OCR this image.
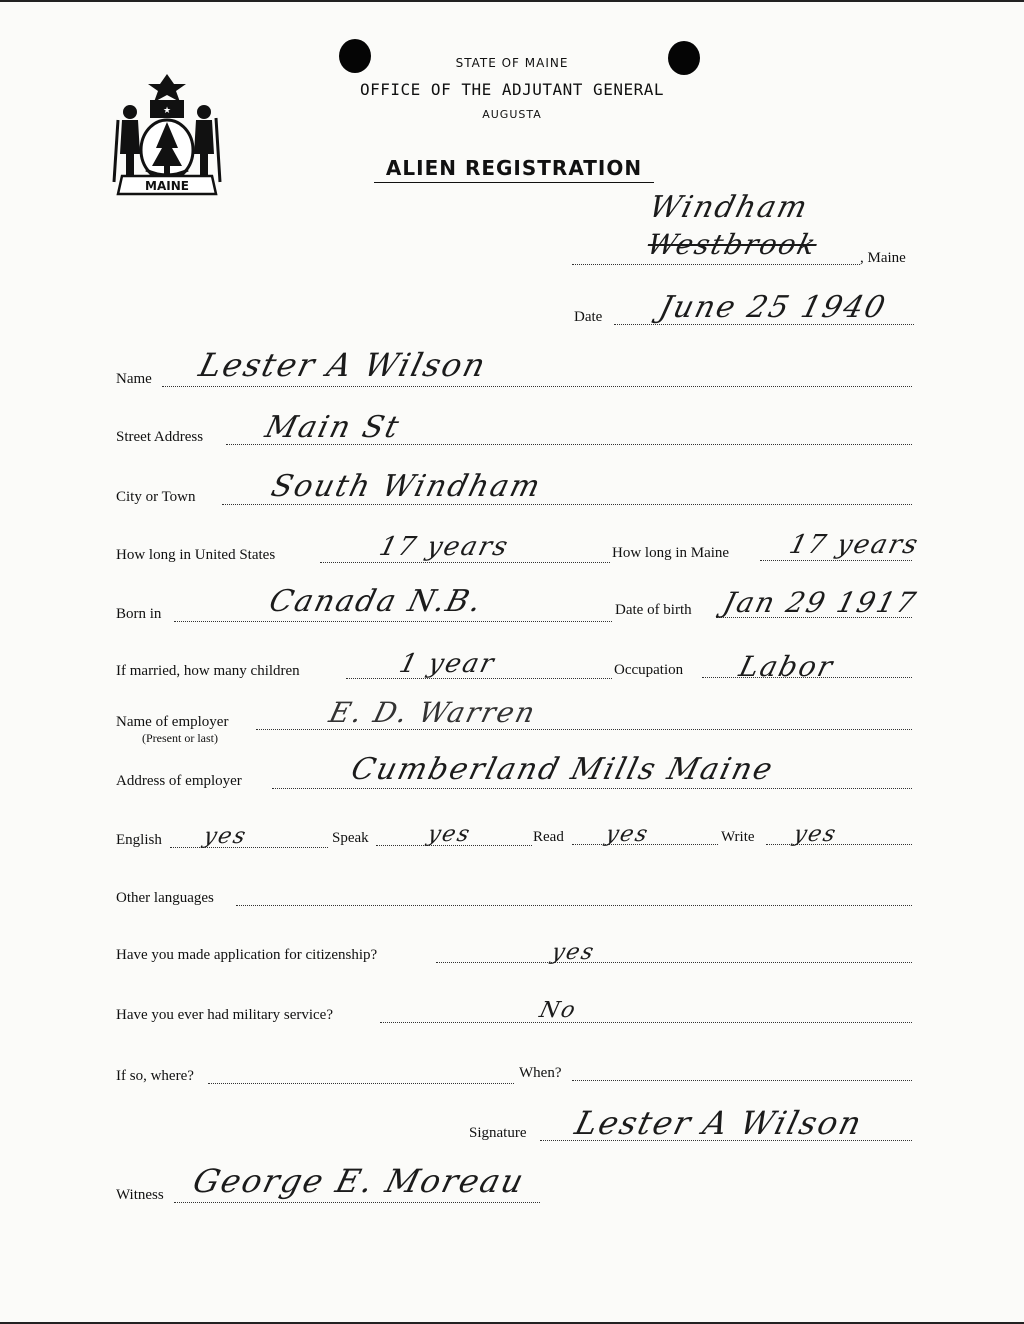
★
MAINE
STATE OF MAINE
OFFICE OF THE ADJUTANT GENERAL
AUGUSTA
ALIEN REGISTRATION
Windham
Westbrook	, Maine
Date June 25 1940
Name Lester A Wilson
Street Address Main St
City or Town South Windham
How long in United States	17 years	How long in Maine 17 years
Born in	Canada N.B.	Date of birth Jan 29 1917
If married, how many children	1 year	Occupation Labor
Name of employer
(Present or last)
E. D. Warren
Address of employer	Cumberland Mills Maine
English yes	Speak	yes	Read yes	Write yes
Other languages
Have you made application for citizenship?	yes
Have you ever had military service?	No
If so, where?	When?
Signature Lester A Wilson
Witness George E. Moreau
